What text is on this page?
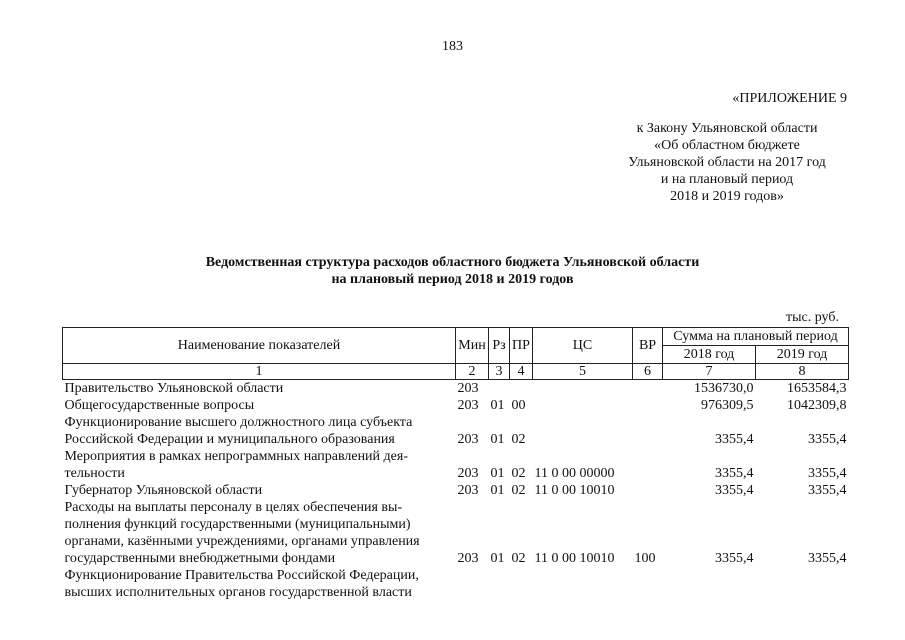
183
«ПРИЛОЖЕНИЕ 9
к Закону Ульяновской области
«Об областном бюджете
Ульяновской области на 2017 год
и на плановый период
2018 и 2019 годов»
Ведомственная структура расходов областного бюджета Ульяновской области
на плановый период 2018 и 2019 годов
тыс. руб.
Наименование показателей	Мин	Рз	ПР	ЦС	ВР	Сумма на плановый период	
						2018 год	2019 год
1	2	3	4	5	6	7	8

Правительство Ульяновской области	203					1536730,0	1653584,3

Общегосударственные вопросы	203	01	00			976309,5	1042309,8

Функционирование высшего должностного лица субъекта
Российской Федерации и муниципального образования	203	01	02			3355,4	3355,4

Мероприятия в рамках непрограммных направлений дея-
тельности	203	01	02	11 0 00 00000		3355,4	3355,4

Губернатор Ульяновской области	203	01	02	11 0 00 10010		3355,4	3355,4

Расходы на выплаты персоналу в целях обеспечения вы-
полнения функций государственными (муниципальными)
органами, казёнными учреждениями, органами управления
государственными внебюджетными фондами	203	01	02	11 0 00 10010	100	3355,4	3355,4

Функционирование Правительства Российской Федерации,
высших исполнительных органов государственной власти							
